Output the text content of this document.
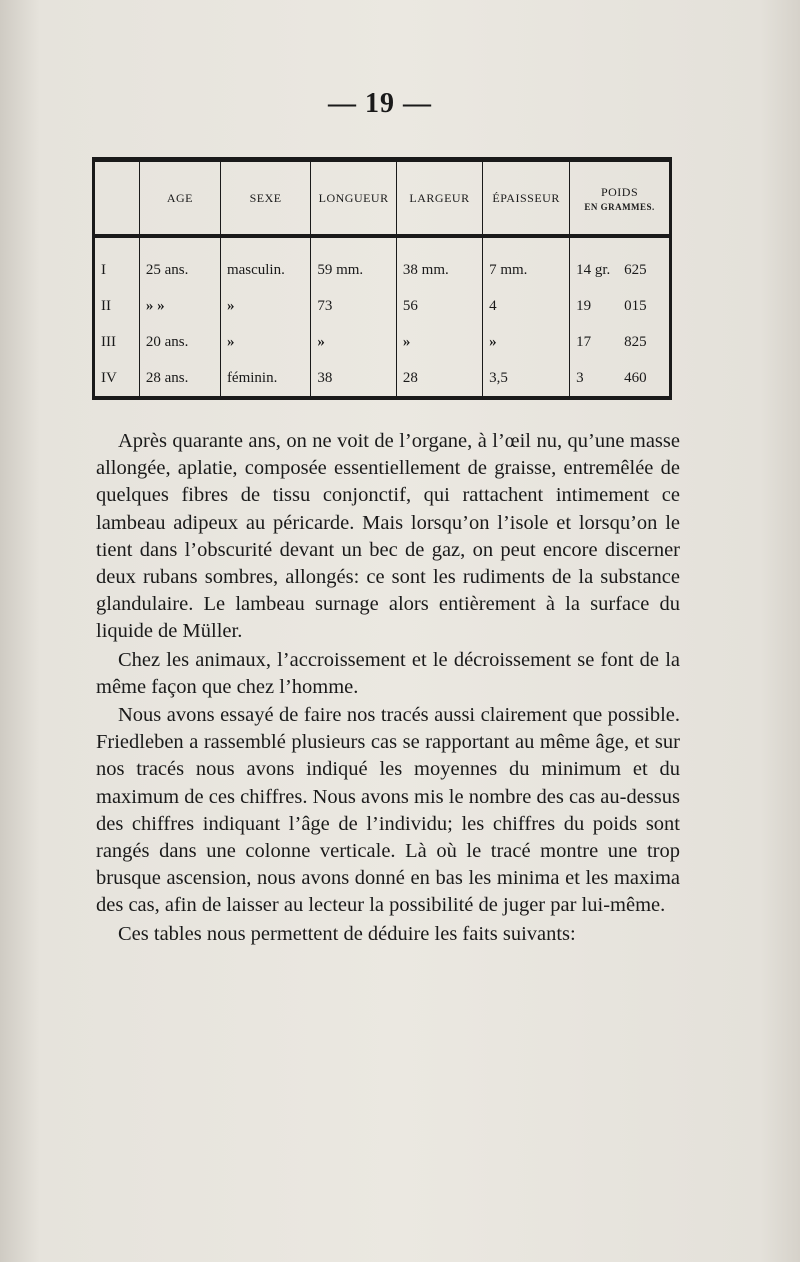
— 19 —
	AGE	SEXE	LONGUEUR	LARGEUR	ÉPAISSEUR	POIDS
EN GRAMMES.

I	25 ans.	masculin.	59 mm.	38 mm.	7 mm.	14 gr. 625
II	» »	»	73	56	4	19 015
III	20 ans.	»	»	»	»	17 825
IV	28 ans.	féminin.	38	28	3,5	3 460

Après quarante ans, on ne voit de l’organe, à l’œil nu, qu’une masse allongée, aplatie, composée essentiellement de graisse, entremêlée de quelques fibres de tissu conjonctif, qui rattachent intimement ce lambeau adipeux au péricarde. Mais lorsqu’on l’isole et lorsqu’on le tient dans l’obscurité devant un bec de gaz, on peut encore discerner deux rubans sombres, allongés: ce sont les rudiments de la substance glandulaire. Le lambeau surnage alors entièrement à la surface du liquide de Müller.

Chez les animaux, l’accroissement et le décroissement se font de la même façon que chez l’homme.

Nous avons essayé de faire nos tracés aussi clairement que possible. Friedleben a rassemblé plusieurs cas se rapportant au même âge, et sur nos tracés nous avons indiqué les moyennes du minimum et du maximum de ces chiffres. Nous avons mis le nombre des cas au-dessus des chiffres indiquant l’âge de l’individu; les chiffres du poids sont rangés dans une colonne verticale. Là où le tracé montre une trop brusque ascension, nous avons donné en bas les minima et les maxima des cas, afin de laisser au lecteur la possibilité de juger par lui-même.

Ces tables nous permettent de déduire les faits suivants:
